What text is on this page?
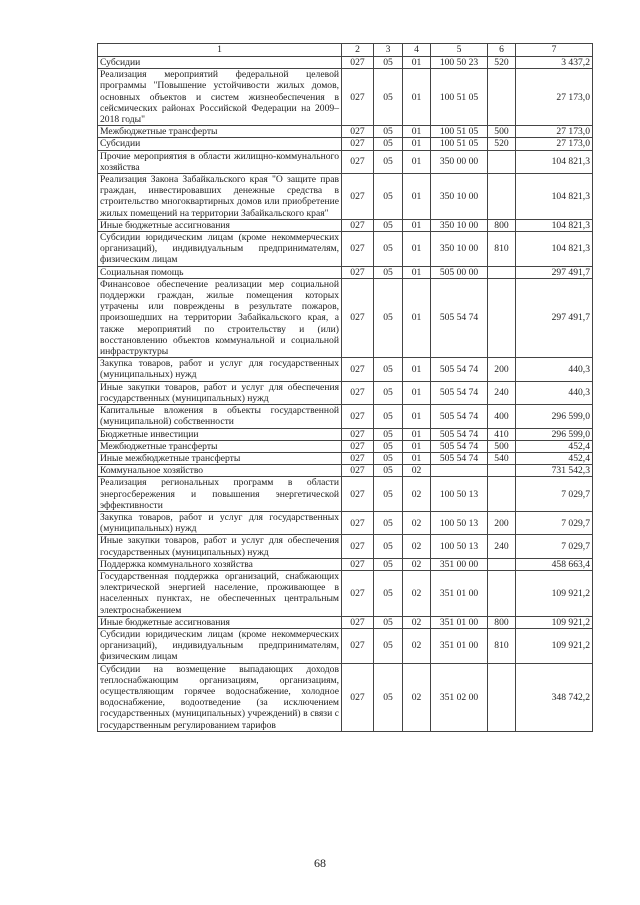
1	2	3	4	5	6	7
Субсидии	027	05	01	100 50 23	520	3 437,2
Реализация мероприятий федеральной целевой программы "Повышение устойчивости жилых домов, основных объектов и систем жизнеобеспечения в сейсмических районах Российской Федерации на 2009–2018 годы"	027	05	01	100 51 05		27 173,0
Межбюджетные трансферты	027	05	01	100 51 05	500	27 173,0
Субсидии	027	05	01	100 51 05	520	27 173,0
Прочие мероприятия в области жилищно-коммунального хозяйства	027	05	01	350 00 00		104 821,3
Реализация Закона Забайкальского края "О защите прав граждан, инвестировавших денежные средства в строительство многоквартирных домов или приобретение жилых помещений на территории Забайкальского края"	027	05	01	350 10 00		104 821,3
Иные бюджетные ассигнования	027	05	01	350 10 00	800	104 821,3
Субсидии юридическим лицам (кроме некоммерческих организаций), индивидуальным предпринимателям, физическим лицам	027	05	01	350 10 00	810	104 821,3
Социальная помощь	027	05	01	505 00 00		297 491,7
Финансовое обеспечение реализации мер социальной поддержки граждан, жилые помещения которых утрачены или повреждены в результате пожаров, произошедших на территории Забайкальского края, а также мероприятий по строительству и (или) восстановлению объектов коммунальной и социальной инфраструктуры	027	05	01	505 54 74		297 491,7
Закупка товаров, работ и услуг для государственных (муниципальных) нужд	027	05	01	505 54 74	200	440,3
Иные закупки товаров, работ и услуг для обеспечения государственных (муниципальных) нужд	027	05	01	505 54 74	240	440,3
Капитальные вложения в объекты государственной (муниципальной) собственности	027	05	01	505 54 74	400	296 599,0
Бюджетные инвестиции	027	05	01	505 54 74	410	296 599,0
Межбюджетные трансферты	027	05	01	505 54 74	500	452,4
Иные межбюджетные трансферты	027	05	01	505 54 74	540	452,4
Коммунальное хозяйство	027	05	02			731 542,3
Реализация региональных программ в области энергосбережения и повышения энергетической эффективности	027	05	02	100 50 13		7 029,7
Закупка товаров, работ и услуг для государственных (муниципальных) нужд	027	05	02	100 50 13	200	7 029,7
Иные закупки товаров, работ и услуг для обеспечения государственных (муниципальных) нужд	027	05	02	100 50 13	240	7 029,7
Поддержка коммунального хозяйства	027	05	02	351 00 00		458 663,4
Государственная поддержка организаций, снабжающих электрической энергией население, проживающее в населенных пунктах, не обеспеченных центральным электроснабжением	027	05	02	351 01 00		109 921,2
Иные бюджетные ассигнования	027	05	02	351 01 00	800	109 921,2
Субсидии юридическим лицам (кроме некоммерческих организаций), индивидуальным предпринимателям, физическим лицам	027	05	02	351 01 00	810	109 921,2
Субсидии на возмещение выпадающих доходов теплоснабжающим организациям, организациям, осуществляющим горячее водоснабжение, холодное водоснабжение, водоотведение (за исключением государственных (муниципальных) учреждений) в связи с государственным регулированием тарифов	027	05	02	351 02 00		348 742,2
68
